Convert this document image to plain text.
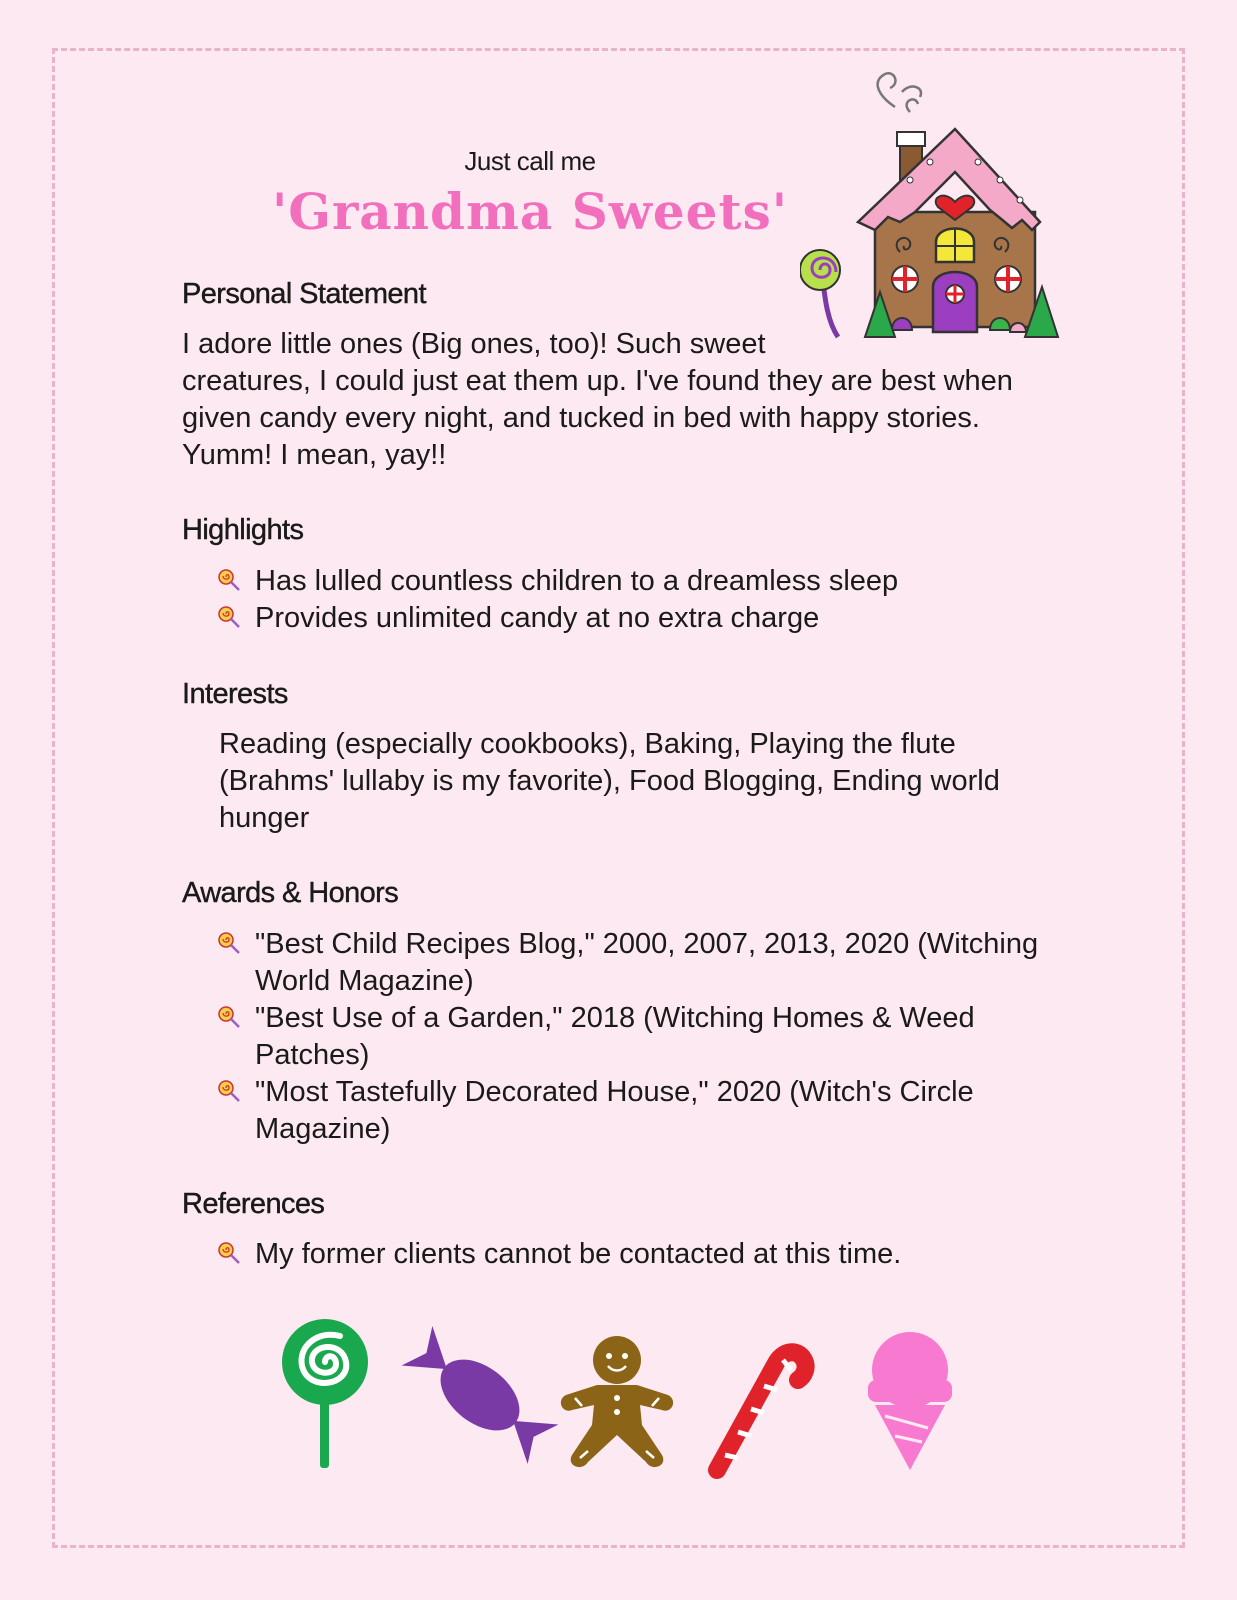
Just call me
'Grandma Sweets'
Personal Statement

I adore little ones (Big ones, too)! Such sweet

creatures, I could just eat them up. I've found they are best when given candy every night, and tucked in bed with happy stories. Yumm! I mean, yay!!

Highlights
Has lulled countless children to a dreamless sleep
Provides unlimited candy at no extra charge
Interests

Reading (especially cookbooks), Baking, Playing the flute (Brahms' lullaby is my favorite), Food Blogging, Ending world hunger

Awards & Honors
"Best Child Recipes Blog," 2000, 2007, 2013, 2020 (Witching World Magazine)
"Best Use of a Garden," 2018 (Witching Homes & Weed Patches)
"Most Tastefully Decorated House," 2020 (Witch's Circle Magazine)
References
My former clients cannot be contacted at this time.
